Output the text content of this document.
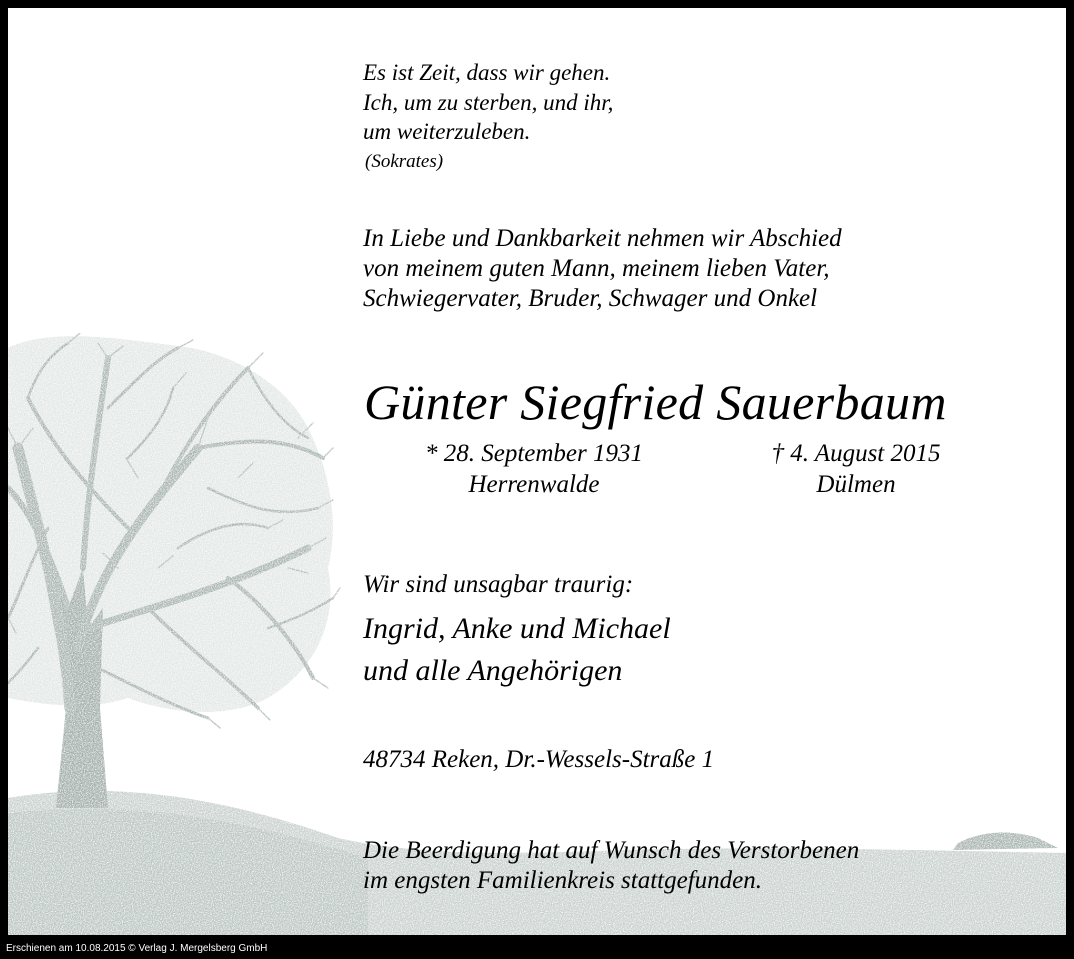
Es ist Zeit, dass wir gehen.
Ich, um zu sterben, und ihr,
um weiterzuleben.
(Sokrates)
In Liebe und Dankbarkeit nehmen wir Abschied
von meinem guten Mann, meinem lieben Vater,
Schwiegervater, Bruder, Schwager und Onkel
Günter Siegfried Sauerbaum
* 28. September 1931
Herrenwalde
† 4. August 2015
Dülmen
Wir sind unsagbar traurig:
Ingrid, Anke und Michael
und alle Angehörigen
48734 Reken, Dr.-Wessels-Straße 1
Die Beerdigung hat auf Wunsch des Verstorbenen
im engsten Familienkreis stattgefunden.
Erschienen am 10.08.2015 © Verlag J. Mergelsberg GmbH
